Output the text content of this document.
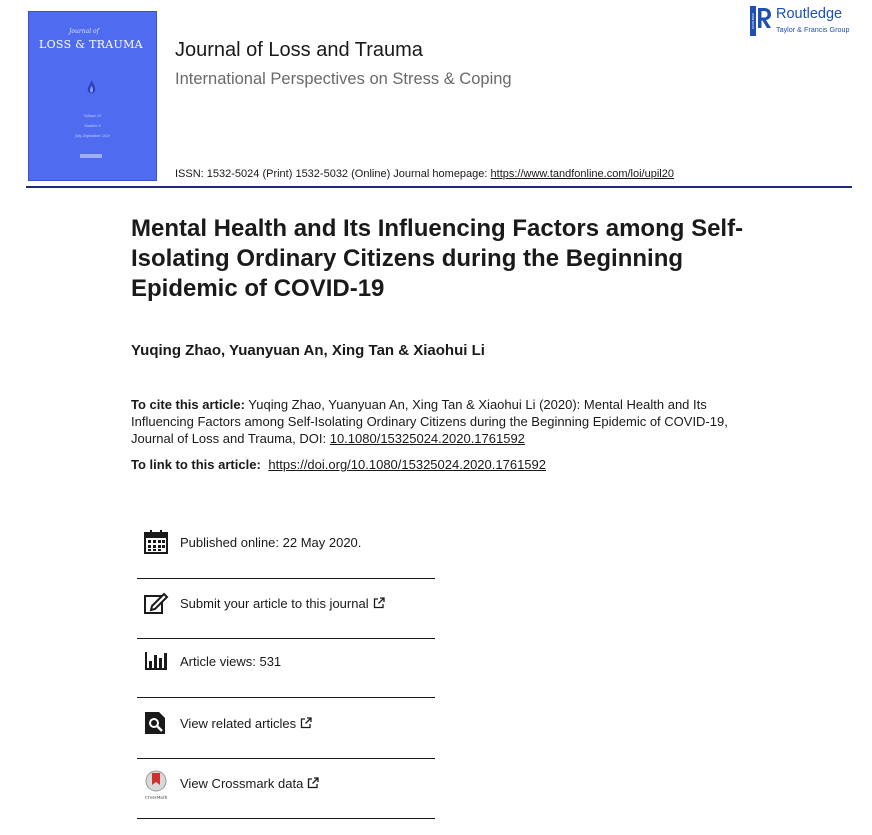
Journal of
LOSS & TRAUMA
Volume 25
Number 6
July–September 2020
Journal of Loss and Trauma
International Perspectives on Stress & Coping
ISSN: 1532-5024 (Print) 1532-5032 (Online) Journal homepage: https://www.tandfonline.com/loi/upil20
ROUTLEDGE Routledge
Taylor & Francis Group
Mental Health and Its Influencing Factors among Self-Isolating Ordinary Citizens during the Beginning Epidemic of COVID-19
Yuqing Zhao, Yuanyuan An, Xing Tan & Xiaohui Li
To cite this article: Yuqing Zhao, Yuanyuan An, Xing Tan & Xiaohui Li (2020): Mental Health and Its Influencing Factors among Self-Isolating Ordinary Citizens during the Beginning Epidemic of COVID-19, Journal of Loss and Trauma, DOI: 10.1080/15325024.2020.1761592
To link to this article: https://doi.org/10.1080/15325024.2020.1761592
Published online: 22 May 2020.
Submit your article to this journal
Article views: 531
View related articles
CrossMark
View Crossmark data
